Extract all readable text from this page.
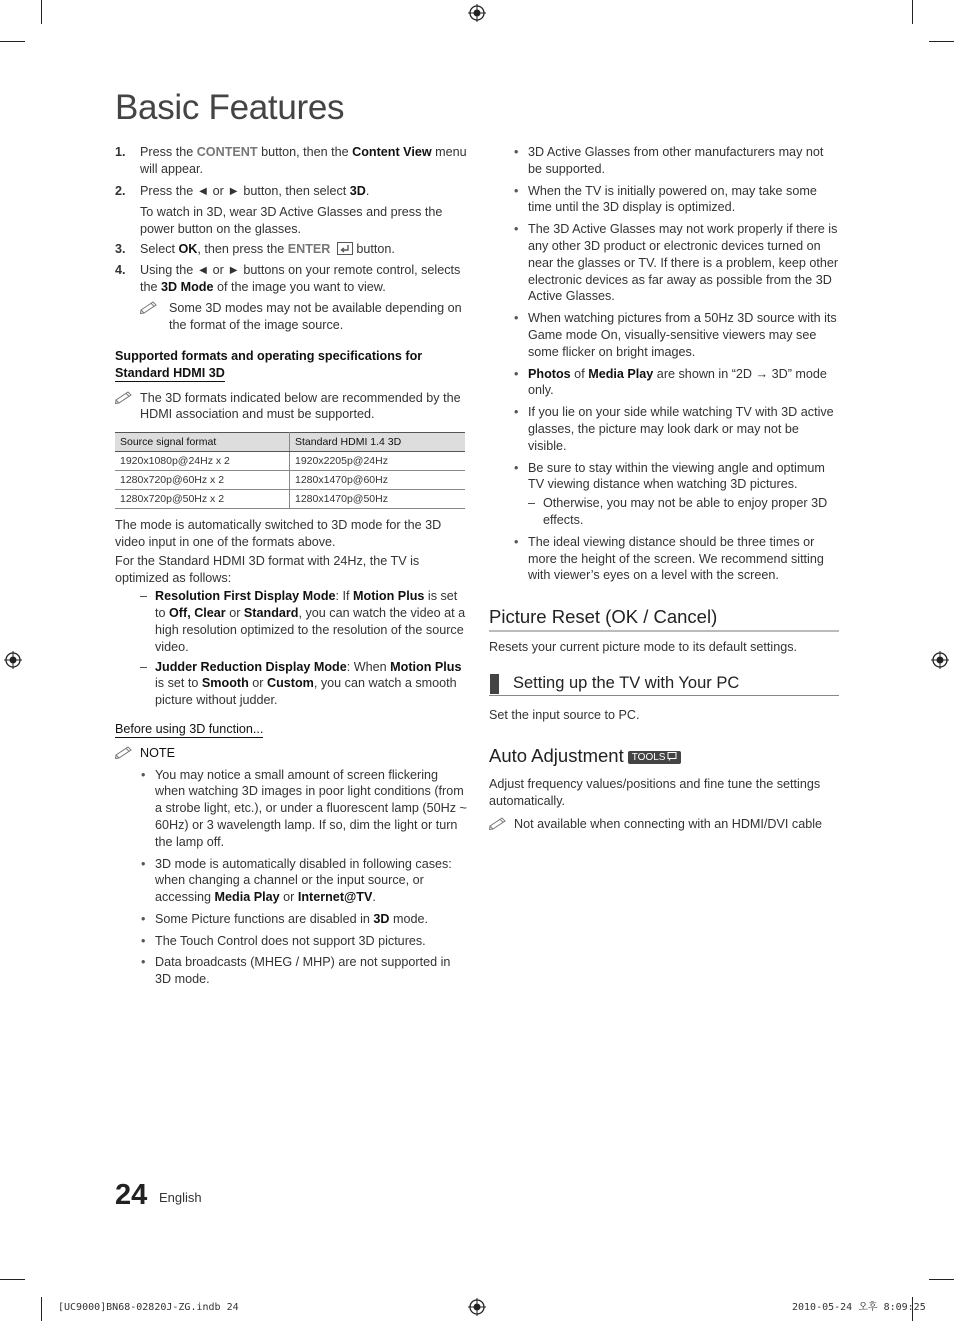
Basic Features
1. Press the CONTENT button, then the Content View menu will appear.
2. Press the ◄ or ► button, then select 3D.
To watch in 3D, wear 3D Active Glasses and press the power button on the glasses.
3. Select OK, then press the ENTER  button.
4. Using the ◄ or ► buttons on your remote control, selects the 3D Mode of the image you want to view.
Some 3D modes may not be available depending on the format of the image source.
Supported formats and operating specifications for
Standard HDMI 3D
The 3D formats indicated below are recommended by the HDMI association and must be supported.
Source signal format	Standard HDMI 1.4 3D
1920x1080p@24Hz x 2	1920x2205p@24Hz
1280x720p@60Hz x 2	1280x1470p@60Hz
1280x720p@50Hz x 2	1280x1470p@50Hz
The mode is automatically switched to 3D mode for the 3D video input in one of the formats above.
For the Standard HDMI 3D format with 24Hz, the TV is optimized as follows:
– Resolution First Display Mode: If Motion Plus is set to Off, Clear or Standard, you can watch the video at a high resolution optimized to the resolution of the source video.
– Judder Reduction Display Mode: When Motion Plus is set to Smooth or Custom, you can watch a smooth picture without judder.
Before using 3D function...
NOTE
• You may notice a small amount of screen flickering when watching 3D images in poor light conditions (from a strobe light, etc.), or under a fluorescent lamp (50Hz ~ 60Hz) or 3 wavelength lamp. If so, dim the light or turn the lamp off.
• 3D mode is automatically disabled in following cases: when changing a channel or the input source, or accessing Media Play or Internet@TV.
• Some Picture functions are disabled in 3D mode.
• The Touch Control does not support 3D pictures.
• Data broadcasts (MHEG / MHP) are not supported in 3D mode.
• 3D Active Glasses from other manufacturers may not be supported.
• When the TV is initially powered on, may take some time until the 3D display is optimized.
• The 3D Active Glasses may not work properly if there is any other 3D product or electronic devices turned on near the glasses or TV. If there is a problem, keep other electronic devices as far away as possible from the 3D Active Glasses.
• When watching pictures from a 50Hz 3D source with its Game mode On, visually-sensitive viewers may see some flicker on bright images.
• Photos of Media Play are shown in “2D → 3D” mode only.
• If you lie on your side while watching TV with 3D active glasses, the picture may look dark or may not be visible.
• Be sure to stay within the viewing angle and optimum TV viewing distance when watching 3D pictures.
– Otherwise, you may not be able to enjoy proper 3D effects.
• The ideal viewing distance should be three times or more the height of the screen. We recommend sitting with viewer’s eyes on a level with the screen.
Picture Reset (OK / Cancel)
Resets your current picture mode to its default settings.
Setting up the TV with Your PC
Set the input source to PC.
Auto Adjustment TOOLS
Adjust frequency values/positions and fine tune the settings automatically.
Not available when connecting with an HDMI/DVI cable
24 English
[UC9000]BN68-02820J-ZG.indb 24	2010-05-24 오후 8:09:25
